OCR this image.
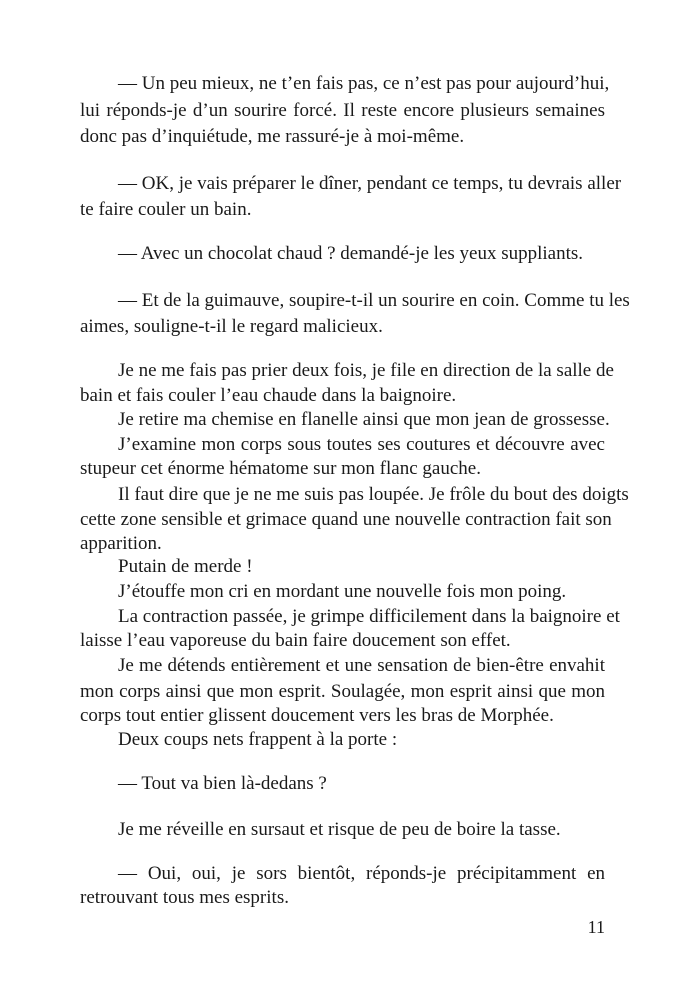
— Un peu mieux, ne t’en fais pas, ce n’est pas pour aujourd’hui,

lui réponds-je d’un sourire forcé. Il reste encore plusieurs semaines

donc pas d’inquiétude, me rassuré-je à moi-même.

— OK, je vais préparer le dîner, pendant ce temps, tu devrais aller

te faire couler un bain.

— Avec un chocolat chaud ? demandé-je les yeux suppliants.

— Et de la guimauve, soupire-t-il un sourire en coin. Comme tu les

aimes, souligne-t-il le regard malicieux.

Je ne me fais pas prier deux fois, je file en direction de la salle de

bain et fais couler l’eau chaude dans la baignoire.

Je retire ma chemise en flanelle ainsi que mon jean de grossesse.

J’examine mon corps sous toutes ses coutures et découvre avec

stupeur cet énorme hématome sur mon flanc gauche.

Il faut dire que je ne me suis pas loupée. Je frôle du bout des doigts

cette zone sensible et grimace quand une nouvelle contraction fait son

apparition.

Putain de merde !

J’étouffe mon cri en mordant une nouvelle fois mon poing.

La contraction passée, je grimpe difficilement dans la baignoire et

laisse l’eau vaporeuse du bain faire doucement son effet.

Je me détends entièrement et une sensation de bien-être envahit

mon corps ainsi que mon esprit. Soulagée, mon esprit ainsi que mon

corps tout entier glissent doucement vers les bras de Morphée.

Deux coups nets frappent à la porte :

— Tout va bien là-dedans ?

Je me réveille en sursaut et risque de peu de boire la tasse.

— Oui, oui, je sors bientôt, réponds-je précipitamment en

retrouvant tous mes esprits.

11
